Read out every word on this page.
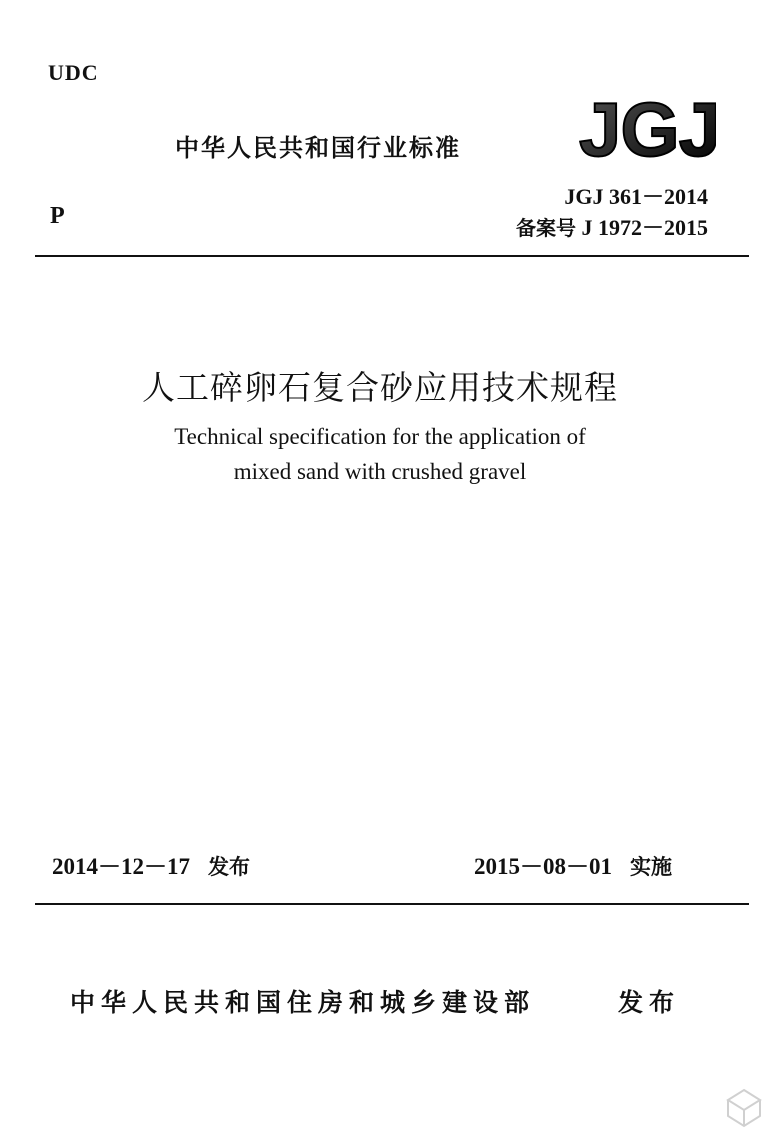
UDC
中华人民共和国行业标准 JGJ
P
JGJ 361－2014
备案号 J 1972－2015
人工碎卵石复合砂应用技术规程
Technical specification for the application of
mixed sand with crushed gravel
2014－12－17 发布	2015－08－01 实施
中华人民共和国住房和城乡建设部	发布
